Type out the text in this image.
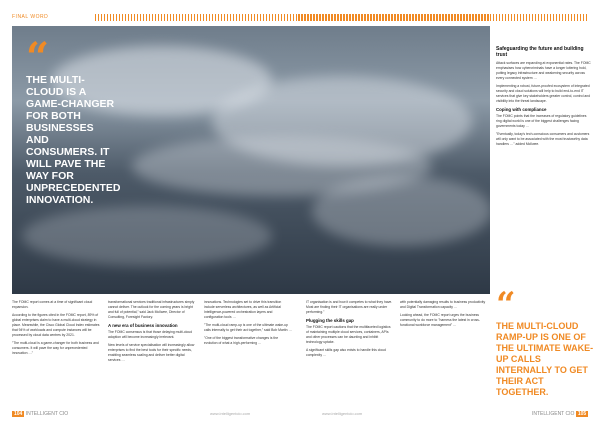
FINAL WORD
“
THE MULTI-CLOUD IS A GAME-CHANGER FOR BOTH BUSINESSES AND CONSUMERS. IT WILL PAVE THE WAY FOR UNPRECEDENTED INNOVATION.
Safeguarding the future and building trust

Attack surfaces are expanding at exponential rates. The FOMC emphasises how cybercriminals have a longer loitering hold, putting legacy infrastructure and weakening security across every connected system …

Implementing a robust, future-proofed ecosystem of integrated security and cloud solutions will help to build end-to-end IT services that give key stakeholders greater control, control and visibility into the threat landscape.

Coping with compliance

The FOMC points that the increases of regulatory guidelines ring digital world is one of the biggest challenges facing governments today …

"Eventually, today's tech-conscious consumers and customers will only want to be associated with the most trustworthy data handlers …" added McIlwee.

The FOMC report comes at a time of significant cloud expansion.

According to the figures cited in the FOMC report, 89% of global enterprises claim to have a multi-cloud strategy in place. Meanwhile, the Cisco Global Cloud Index estimates that 94% of workloads and compute instances will be processed by cloud data centres by 2021.

"The multi-cloud is a game-changer for both business and consumers. It will pave the way for unprecedented innovation …"

transformational services traditional infrastructures simply cannot deliver. The outlook for the coming years is bright and full of potential," said Jack McIlwee, Director of Consulting, Foresight Factory.

A new era of business innovation

The FOMC consensus is that those delaying multi-cloud adoption will become increasingly irrelevant.

New levels of service specialisation will increasingly allow enterprises to find the best tools for their specific needs, enabling seamless scaling and deliver better digital services …

innovations. Technologies set to drive this transition include serverless architectures, as well as Artificial Intelligence-powered orchestration layers and configuration tools …

"The multi-cloud ramp-up is one of the ultimate wake-up calls internally to get their act together," said Bob Martin …

"One of the biggest transformative changes is the evolution of what a high-performing …

IT organisation is and how it competes to what they have. Most are finding their IT organisations are really under performing."

Plugging the skills gap

The FOMC report cautions that the multifaceted logistics of maintaining multiple cloud services, containers, APIs and other processes can be daunting and inhibit technology uptake.

A significant skills gap also exists to handle this cloud complexity …

with potentially damaging results to business productivity and Digital Transformation capacity …

Looking ahead, the FOMC report urges the business community to do more to "harness the latest in cross-functional workforce management" …	“
THE MULTI-CLOUD RAMP-UP IS ONE OF THE ULTIMATE WAKE-UP CALLS INTERNALLY TO GET THEIR ACT TOGETHER.
104 INTELLIGENT CIO	www.intelligentcio.com	www.intelligentcio.com	INTELLIGENT CIO 105
